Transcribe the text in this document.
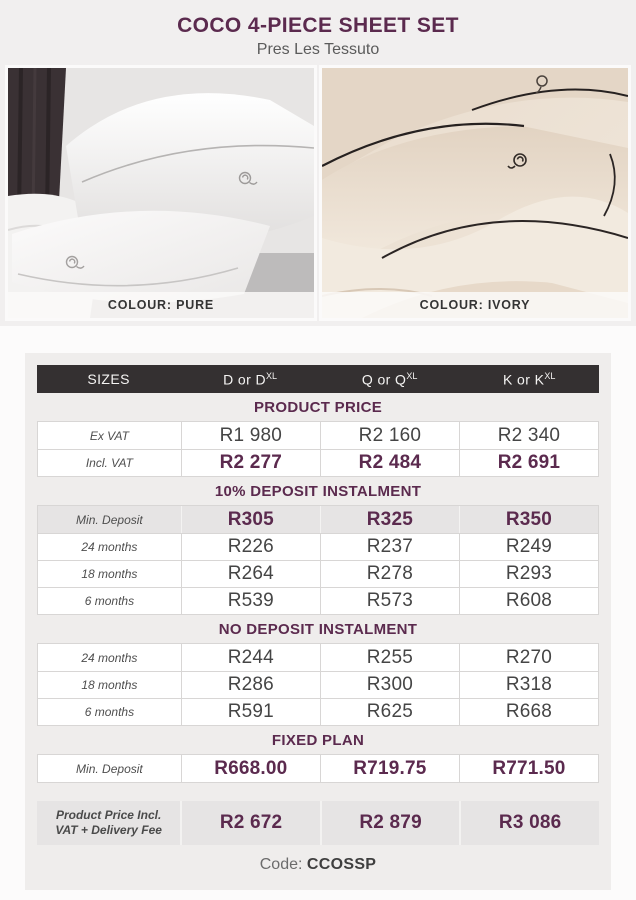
COCO 4-PIECE SHEET SET
Pres Les Tessuto
COLOUR: PURE	COLOUR: IVORY
SIZES	D or $D^{XL}$	Q or $Q^{XL}$	K or $K^{XL}$
PRODUCT PRICE
Ex VAT	R1 980	R2 160	R2 340
Incl. VAT	R2 277	R2 484	R2 691
10% DEPOSIT INSTALMENT
Min. Deposit	R305	R325	R350
24 months	R226	R237	R249
18 months	R264	R278	R293
6 months	R539	R573	R608
NO DEPOSIT INSTALMENT
24 months	R244	R255	R270
18 months	R286	R300	R318
6 months	R591	R625	R668
FIXED PLAN
Min. Deposit	R668.00	R719.75	R771.50
Product Price Incl.
VAT + Delivery Fee	R2 672	R2 879	R3 086
Code: CCOSSP
